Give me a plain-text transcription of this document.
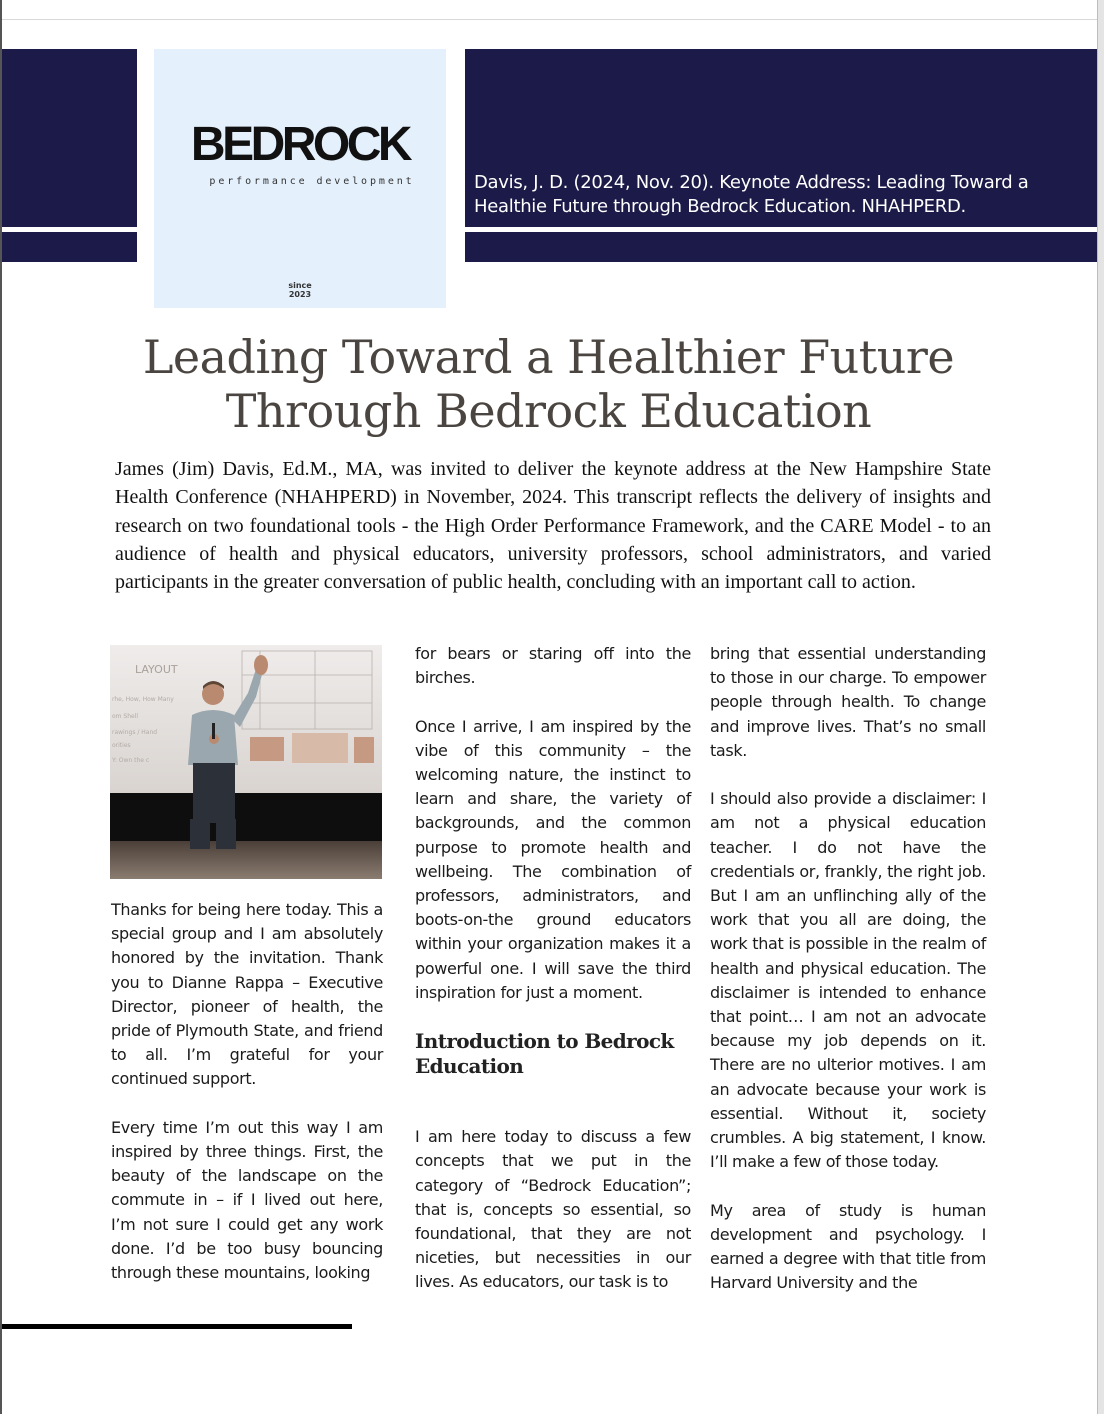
BEDROCK
performance development
since
2023
Davis, J. D. (2024, Nov. 20). Keynote Address: Leading Toward a Healthie Future through Bedrock Education. NHAHPERD.
Leading Toward a Healthier Future
Through Bedrock Education

James (Jim) Davis, Ed.M., MA, was invited to deliver the keynote address at the New Hampshire State Health Conference (NHAHPERD) in November, 2024. This transcript reflects the delivery of insights and research on two foundational tools - the High Order Performance Framework, and the CARE Model - to an audience of health and physical educators, university professors, school administrators, and varied participants in the greater conversation of public health, concluding with an important call to action.

LAYOUT
rhe, How, How Many
om Shell
rawings / Hand
orities
Y: Own the c

Thanks for being here today. This a special group and I am absolutely honored by the invitation. Thank you to Dianne Rappa – Executive Director, pioneer of health, the pride of Plymouth State, and friend to all. I’m grateful for your continued support.

Every time I’m out this way I am inspired by three things. First, the beauty of the landscape on the commute in – if I lived out here, I’m not sure I could get any work done. I’d be too busy bouncing through these mountains, looking

for bears or staring off into the birches.

Once I arrive, I am inspired by the vibe of this community – the welcoming nature, the instinct to learn and share, the variety of backgrounds, and the common purpose to promote health and wellbeing. The combination of professors, administrators, and boots-on-the ground educators within your organization makes it a powerful one. I will save the third inspiration for just a moment.

Introduction to Bedrock Education

I am here today to discuss a few concepts that we put in the category of “Bedrock Education”; that is, concepts so essential, so foundational, that they are not niceties, but necessities in our lives. As educators, our task is to

bring that essential understanding to those in our charge. To empower people through health. To change and improve lives. That’s no small task.

I should also provide a disclaimer: I am not a physical education teacher. I do not have the credentials or, frankly, the right job. But I am an unflinching ally of the work that you all are doing, the work that is possible in the realm of health and physical education. The disclaimer is intended to enhance that point… I am not an advocate because my job depends on it. There are no ulterior motives. I am an advocate because your work is essential. Without it, society crumbles. A big statement, I know. I’ll make a few of those today.

My area of study is human development and psychology. I earned a degree with that title from Harvard University and the
